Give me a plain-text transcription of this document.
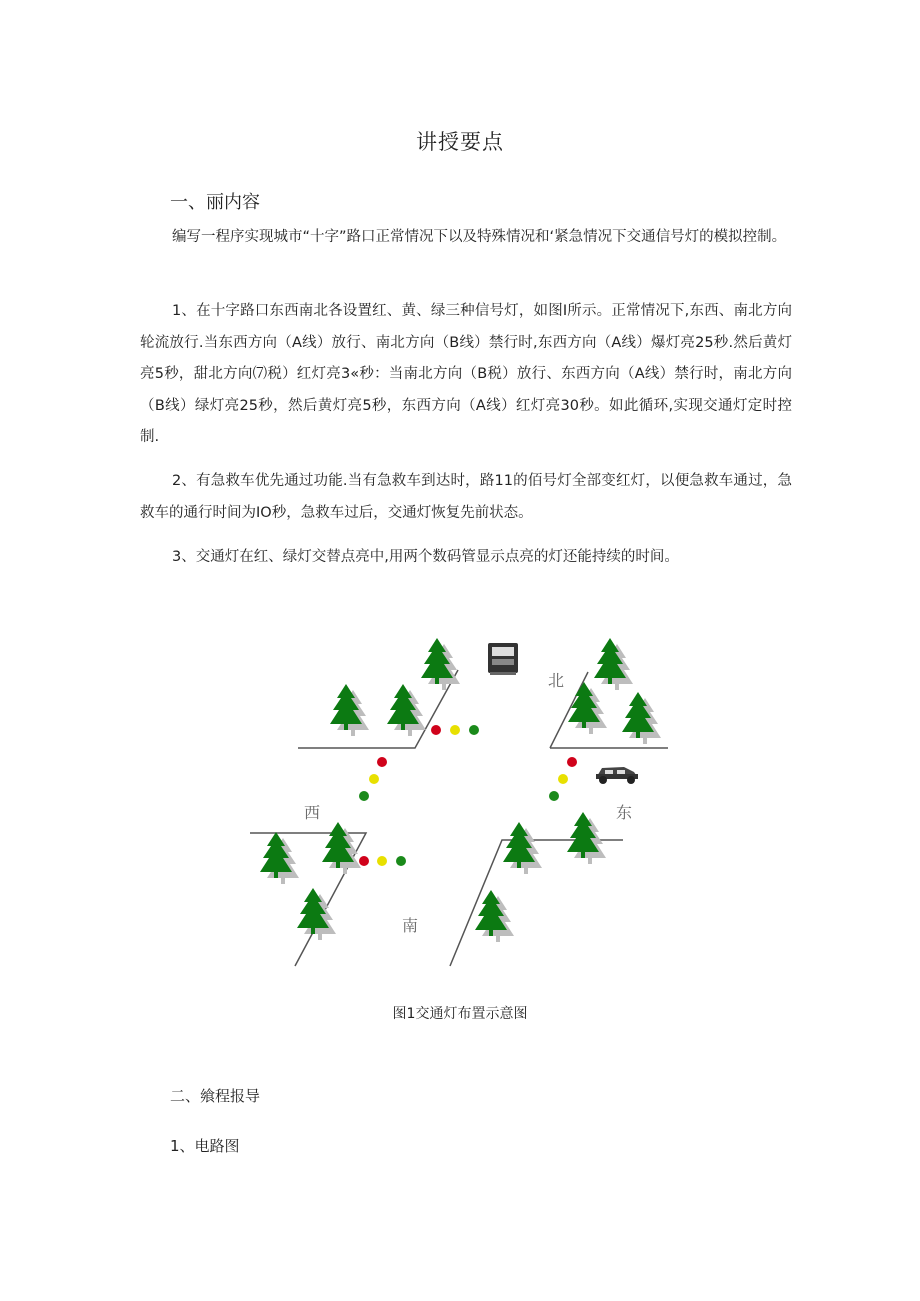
讲授要点
一、丽内容
编写一程序实现城市“十字”路口正常情况下以及特殊情况和‘紧急情况下交通信号灯的模拟控制。
1、在十字路口东西南北各设置红、黄、绿三种信号灯，如图I所示。正常情况下,东西、南北方向轮流放行.当东西方向（A线）放行、南北方向（B线）禁行时,东西方向（A线）爆灯亮25秒.然后黄灯亮5秒，甜北方向⑺税）红灯亮3«秒：当南北方向（B税）放行、东西方向（A线）禁行时，南北方向（B线）绿灯亮25秒，然后黄灯亮5秒，东西方向（A线）红灯亮30秒。如此循环,实现交通灯定时控制.
2、有急救车优先通过功能.当有急救车到达时，路11的佰号灯全部变红灯，以便急救车通过，急救车的通行时间为IO秒，急救车过后，交通灯恢复先前状态。
3、交通灯在红、绿灯交替点亮中,用两个数码管显示点亮的灯还能持续的时间。
北
西	东
南
图1交通灯布置示意图
二、飨程报导
1、电路图
